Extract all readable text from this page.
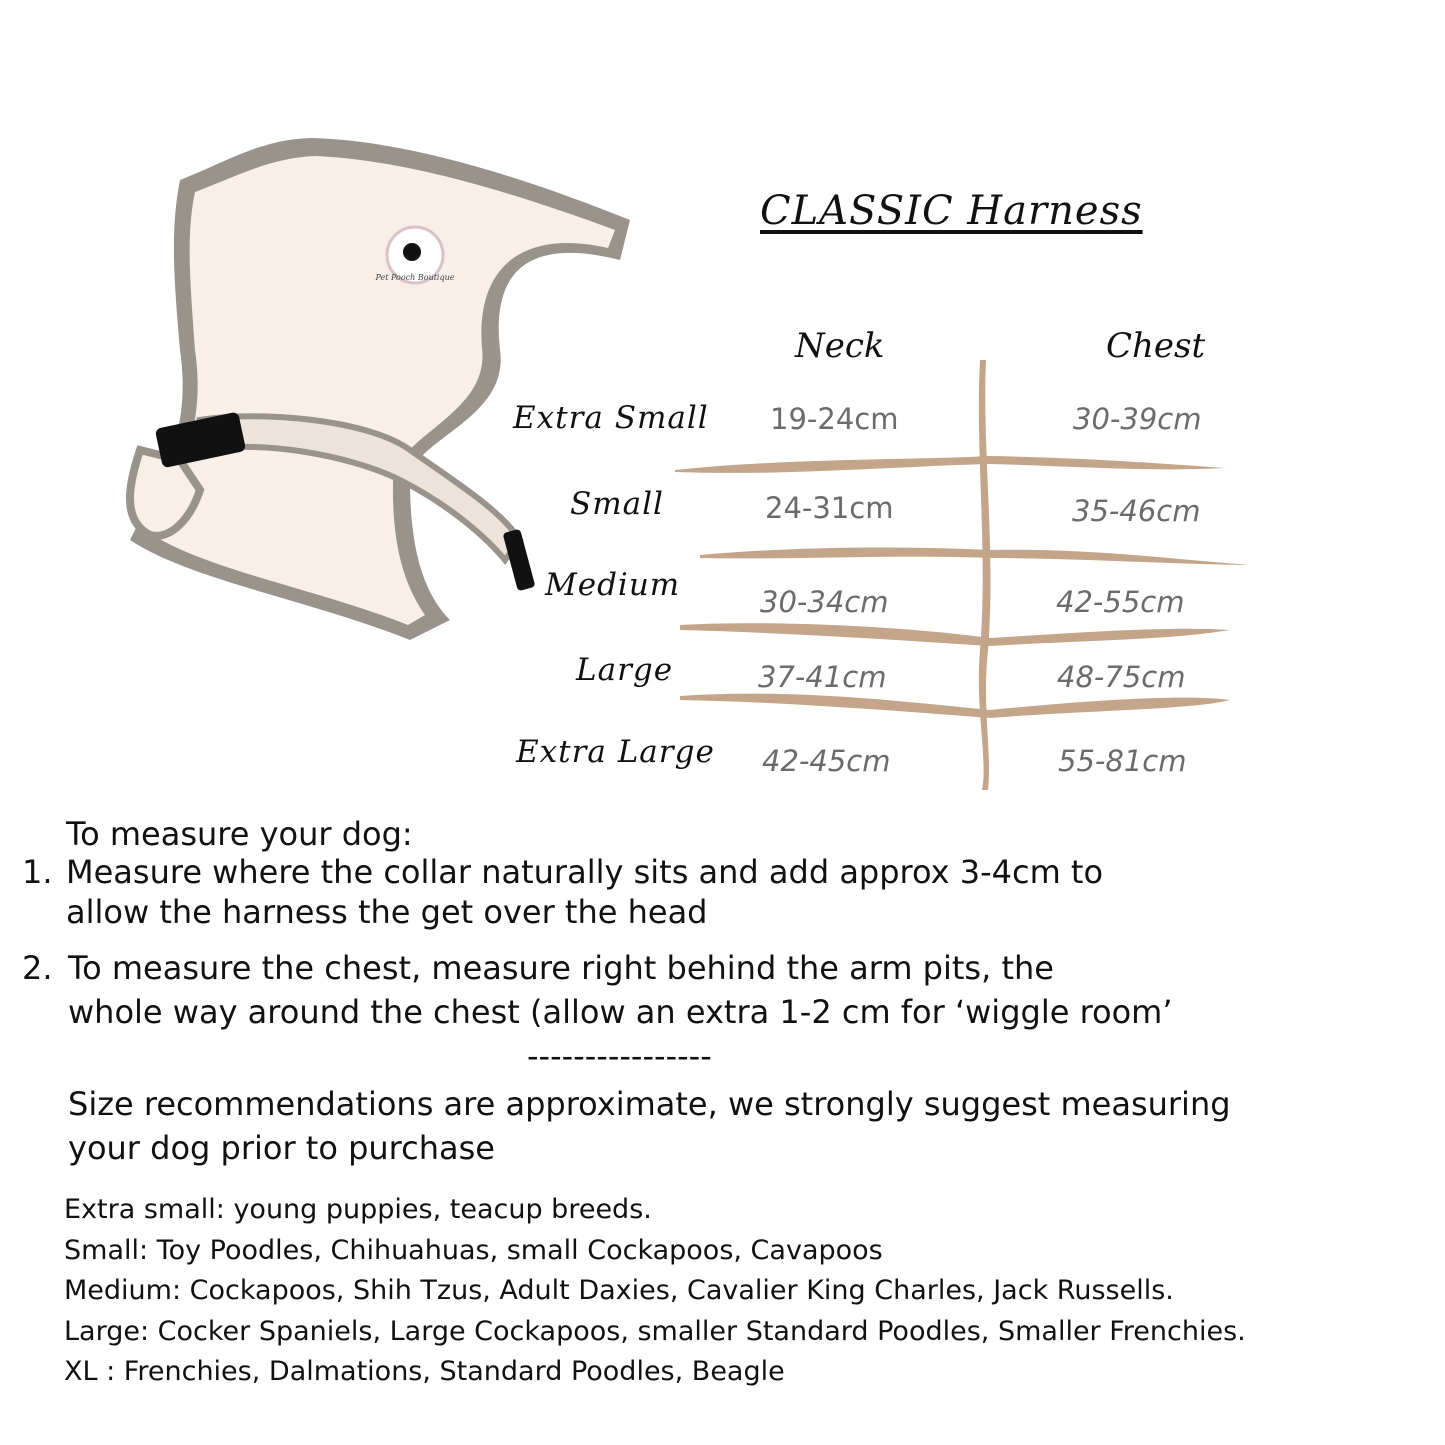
Pet Pooch Boutique
CLASSIC Harness
Neck	Chest
Extra Small 19-24cm	30-39cm
Small	24-31cm	35-46cm
Medium	30-34cm	42-55cm
Large	37-41cm	48-75cm
Extra Large 42-45cm	55-81cm
To measure your dog:
1. Measure where the collar naturally sits and add approx 3-4cm to
allow the harness the get over the head
2. To measure the chest, measure right behind the arm pits, the
whole way around the chest (allow an extra 1-2 cm for ‘wiggle room’
----------------
Size recommendations are approximate, we strongly suggest measuring
your dog prior to purchase
Extra small: young puppies, teacup breeds.
Small: Toy Poodles, Chihuahuas, small Cockapoos, Cavapoos
Medium: Cockapoos, Shih Tzus, Adult Daxies, Cavalier King Charles, Jack Russells.
Large: Cocker Spaniels, Large Cockapoos, smaller Standard Poodles, Smaller Frenchies.
XL : Frenchies, Dalmations, Standard Poodles, Beagle
